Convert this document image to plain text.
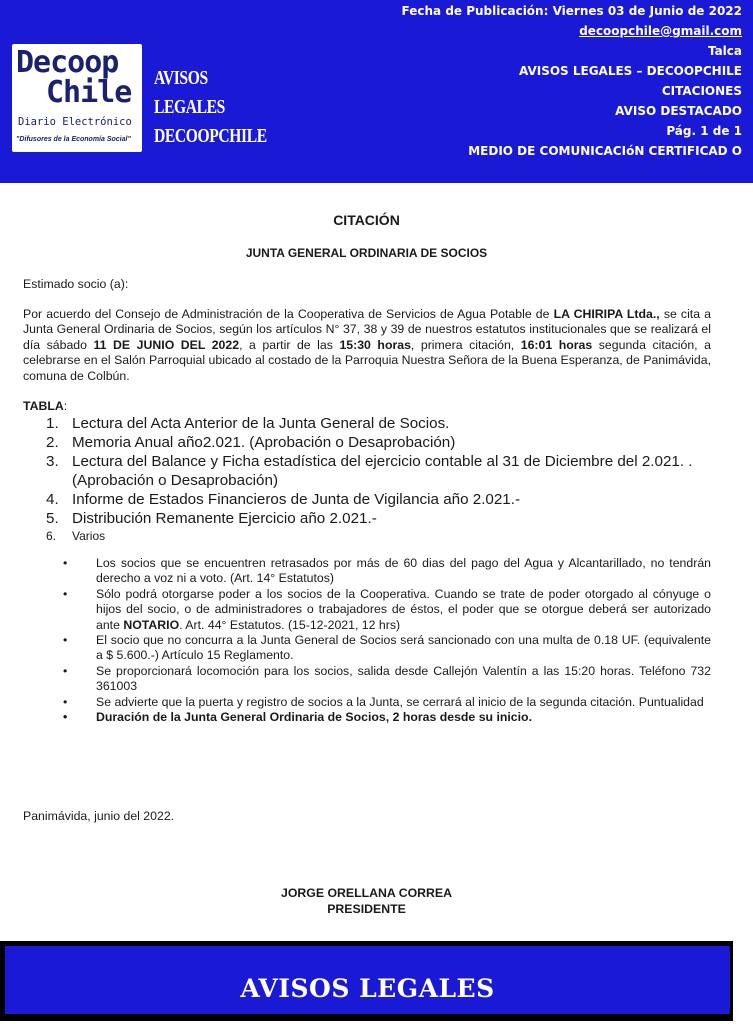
Decoop
Chile
Diario Electrónico
"Difusores de la Economía Social"
AVISOS
LEGALES
DECOOPCHILE
Fecha de Publicación: Viernes 03 de Junio de 2022
decoopchile@gmail.com
Talca
AVISOS LEGALES – DECOOPCHILE
CITACIONES
AVISO DESTACADO
Pág. 1 de 1
MEDIO DE COMUNICACIóN CERTIFICAD O
CITACIÓN
JUNTA GENERAL ORDINARIA DE SOCIOS
Estimado socio (a):
Por acuerdo del Consejo de Administración de la Cooperativa de Servicios de Agua Potable de LA CHIRIPA Ltda., se cita a Junta General Ordinaria de Socios, según los artículos N° 37, 38 y 39 de nuestros estatutos institucionales que se realizará el día sábado 11 DE JUNIO DEL 2022, a partir de las 15:30 horas, primera citación, 16:01 horas segunda citación, a celebrarse en el Salón Parroquial ubicado al costado de la Parroquia Nuestra Señora de la Buena Esperanza, de Panimávida, comuna de Colbún.
TABLA:
1. Lectura del Acta Anterior de la Junta General de Socios.
2. Memoria Anual año2.021. (Aprobación o Desaprobación)
3. Lectura del Balance y Ficha estadística del ejercicio contable al 31 de Diciembre del 2.021. .(Aprobación o Desaprobación)
4. Informe de Estados Financieros de Junta de Vigilancia año 2.021.-
5. Distribución Remanente Ejercicio año 2.021.-
6. Varios
• Los socios que se encuentren retrasados por más de 60 dias del pago del Agua y Alcantarillado, no tendrán derecho a voz ni a voto. (Art. 14° Estatutos)
• Sólo podrá otorgarse poder a los socios de la Cooperativa. Cuando se trate de poder otorgado al cónyuge o hijos del socio, o de administradores o trabajadores de éstos, el poder que se otorgue deberá ser autorizado ante NOTARIO. Art. 44° Estatutos. (15-12-2021, 12 hrs)
• El socio que no concurra a la Junta General de Socios será sancionado con una multa de 0.18 UF. (equivalente a $ 5.600.-) Artículo 15 Reglamento.
• Se proporcionará locomoción para los socios, salida desde Callejón Valentín a las 15:20 horas. Teléfono 732 361003
• Se advierte que la puerta y registro de socios a la Junta, se cerrará al inicio de la segunda citación. Puntualidad
• Duración de la Junta General Ordinaria de Socios, 2 horas desde su inicio.
Panimávida, junio del 2022.
JORGE ORELLANA CORREA
PRESIDENTE
AVISOS LEGALES
